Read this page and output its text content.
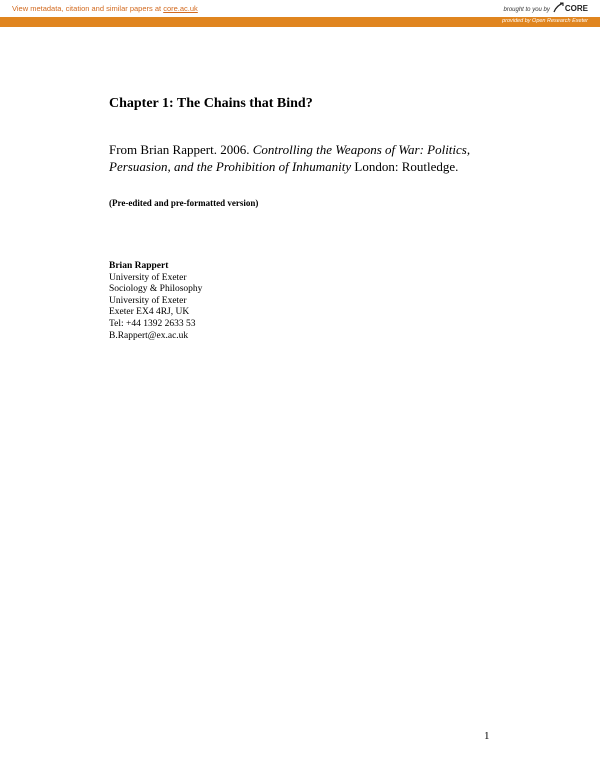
View metadata, citation and similar papers at core.ac.uk	brought to you by CORE
provided by Open Research Exeter
Chapter 1: The Chains that Bind?
From Brian Rappert. 2006. Controlling the Weapons of War: Politics, Persuasion, and the Prohibition of Inhumanity London: Routledge.
(Pre-edited and pre-formatted version)
Brian Rappert
University of Exeter
Sociology & Philosophy
University of Exeter
Exeter EX4 4RJ, UK
Tel: +44 1392 2633 53
B.Rappert@ex.ac.uk
1
